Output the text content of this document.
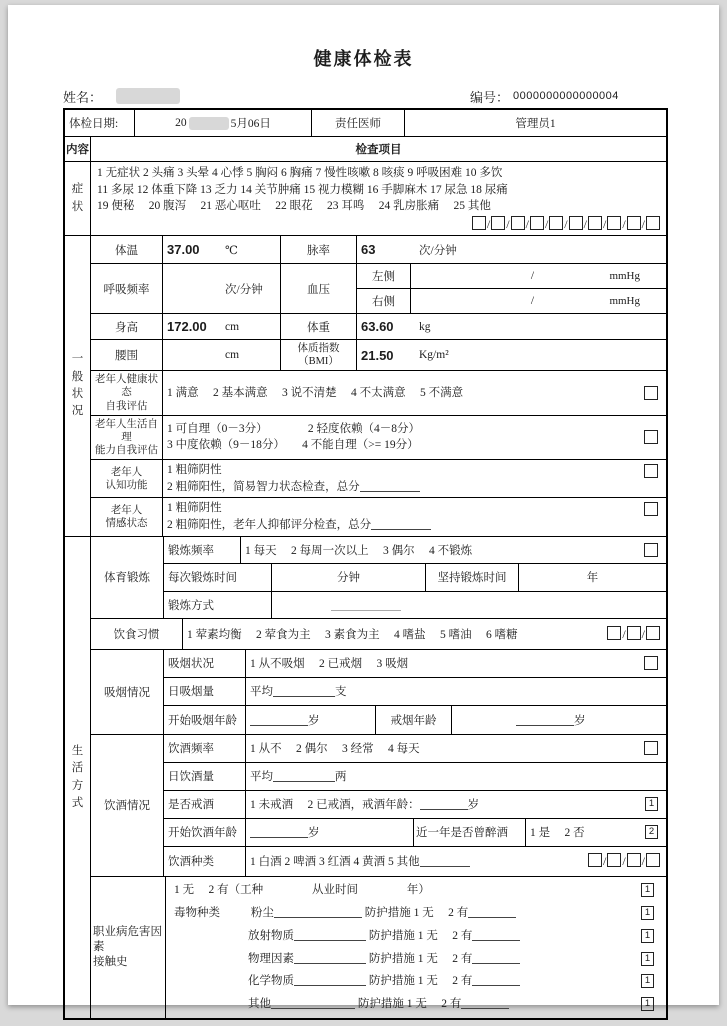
健康体检表
姓名：	编号： 0000000000000004
体检日期:	20	5月06日	责任医师	管理员1
内容	检查项目
症状
1 无症状 2 头痛 3 头晕 4 心悸 5 胸闷 6 胸痛 7 慢性咳嗽 8 咳痰 9 呼吸困难 10 多饮
11 多尿 12 体重下降 13 乏力 14 关节肿痛 15 视力模糊 16 手脚麻木 17 尿急 18 尿痛
19 便秘　 20 腹泻　 21 恶心呕吐　 22 眼花　 23 耳鸣　 24 乳房胀痛　 25 其他
/ / / / / / / / /
一般状况
体温 37.00	℃	脉率 63	次/分钟
呼吸频率	次/分钟	血压
左侧	/	mmHg
右侧	/	mmHg
身高 172.00	cm	体重 63.60	kg
腰围	cm
体质指数
（BMI） 21.50	Kg/m²
老年人健康状态
自我评估
1 满意　 2 基本满意　 3 说不清楚　 4 不太满意　 5 不满意
老年人生活自理
能力自我评估
1 可自理（0－3分）　　　　2 轻度依赖（4－8分）
3 中度依赖（9－18分）　　4 不能自理（>= 19分）
老年人
认知功能
1 粗筛阴性
2 粗筛阳性，简易智力状态检查，总分
老年人
情感状态
1 粗筛阴性
2 粗筛阳性，老年人抑郁评分检查，总分
生活方式
体育锻炼
锻炼频率	1 每天　 2 每周一次以上　 3 偶尔　 4 不锻炼
每次锻炼时间	分钟	坚持锻炼时间	年
锻炼方式
饮食习惯 1 荤素均衡　 2 荤食为主　 3 素食为主　 4 嗜盐　 5 嗜油　 6 嗜糖	/ /
吸烟情况
吸烟状况	1 从不吸烟　 2 已戒烟　 3 吸烟
日吸烟量	平均	支
开始吸烟年龄	岁	戒烟年龄	岁
饮酒情况
饮酒频率	1 从不　 2 偶尔　 3 经常　 4 每天
日饮酒量	平均	两
是否戒酒	1 未戒酒　 2 已戒酒，戒酒年龄：	岁	1
开始饮酒年龄	岁	近一年是否曾醉酒 1 是　 2 否	2
饮酒种类	1 白酒 2 啤酒 3 红酒 4 黄酒 5 其他	/ / /
职业病危害因素
接触史
1 无　 2 有（工种　　　　 从业时间　　　　 年）	1
毒物种类	粉尘	防护措施 1 无　 2 有	1
放射物质	防护措施 1 无　 2 有	1
物理因素	防护措施 1 无　 2 有	1
化学物质	防护措施 1 无　 2 有	1
其他	防护措施 1 无　 2 有	1
